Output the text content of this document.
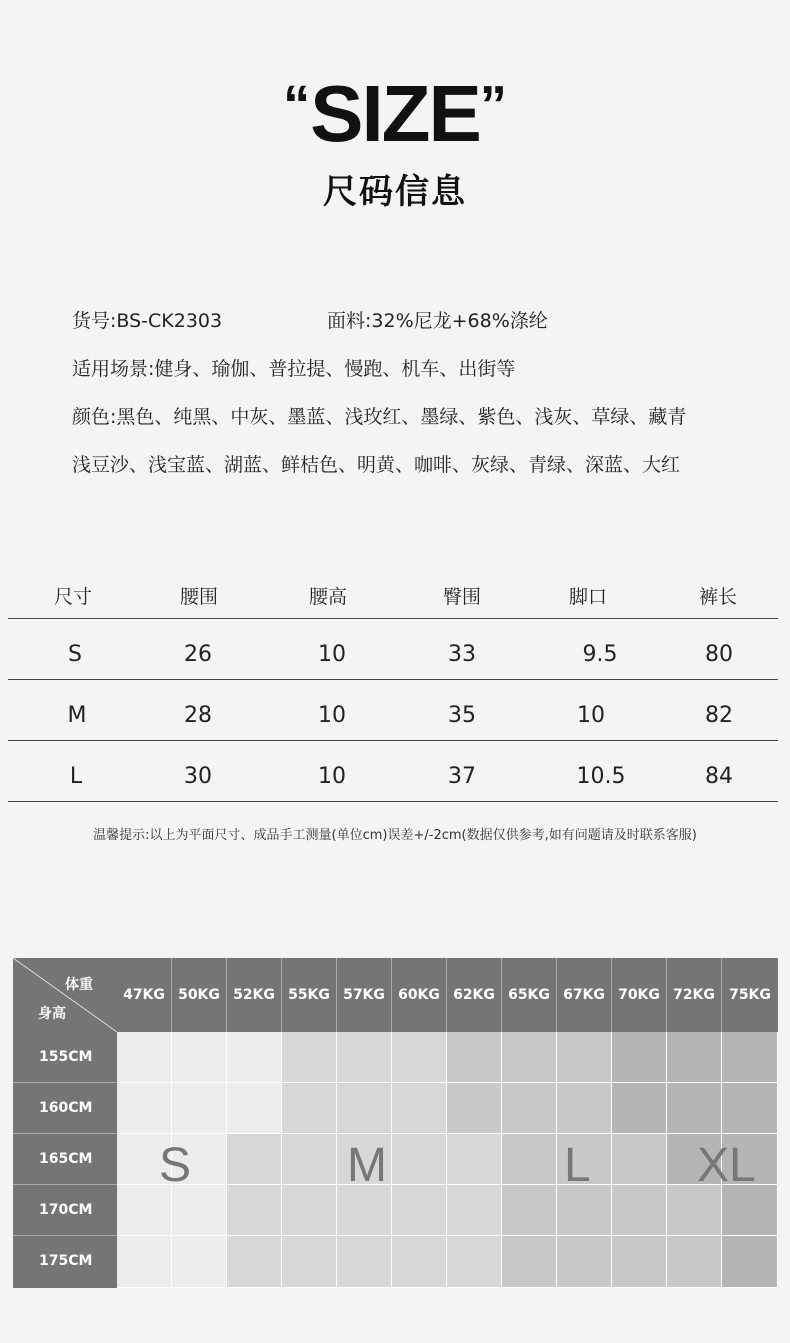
“SIZE”
尺码信息
货号:BS-CK2303	面料:32%尼龙+68%涤纶
适用场景:健身、瑜伽、普拉提、慢跑、机车、出街等
颜色:黑色、纯黑、中灰、墨蓝、浅玫红、墨绿、紫色、浅灰、草绿、藏青
浅豆沙、浅宝蓝、湖蓝、鲜桔色、明黄、咖啡、灰绿、青绿、深蓝、大红
尺寸	腰围	腰高	臀围	脚口	裤长
S	26	10	33	9.5	80
M	28	10	35	10	82
L	30	10	37	10.5	84
温馨提示:以上为平面尺寸、成品手工测量(单位cm)误差+/-2cm(数据仅供参考,如有问题请及时联系客服)
体重
身高
47KG 50KG 52KG 55KG 57KG 60KG 62KG 65KG 67KG 70KG 72KG	75KG
155CM
160CM
165CM
170CM
175CM
S	M	L XL
